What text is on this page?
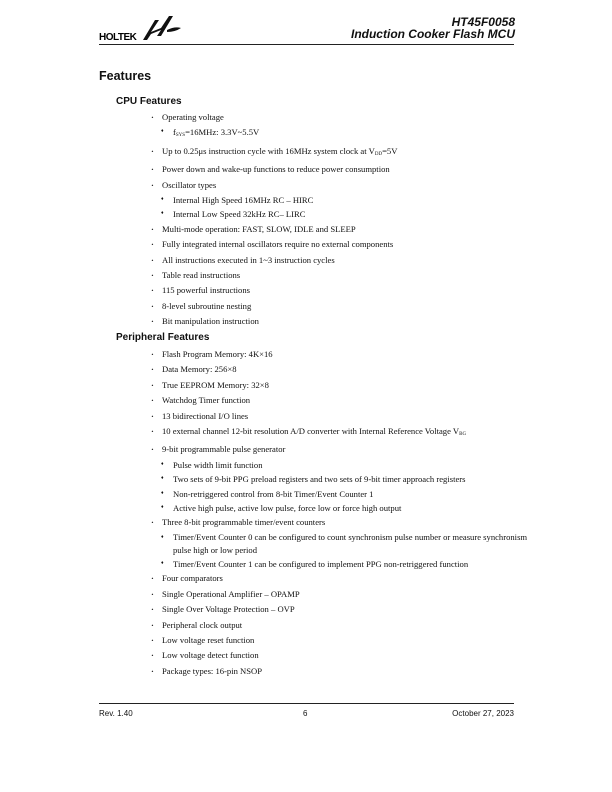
HOLTEK
HT45F0058
Induction Cooker Flash MCU
Features
CPU Features
· Operating voltage
♦ $f_{SYS}=16MHz$: 3.3V~5.5V
· Up to 0.25μs instruction cycle with 16MHz system clock at $V_{DD}=5V$
· Power down and wake-up functions to reduce power consumption
· Oscillator types
♦ Internal High Speed 16MHz RC – HIRC
♦ Internal Low Speed 32kHz RC– LIRC
· Multi-mode operation: FAST, SLOW, IDLE and SLEEP
· Fully integrated internal oscillators require no external components
· All instructions executed in 1~3 instruction cycles
· Table read instructions
· 115 powerful instructions
· 8-level subroutine nesting
· Bit manipulation instruction
Peripheral Features
· Flash Program Memory: 4K×16
· Data Memory: 256×8
· True EEPROM Memory: 32×8
· Watchdog Timer function
· 13 bidirectional I/O lines
· 10 external channel 12-bit resolution A/D converter with Internal Reference Voltage $V_{BG}$
· 9-bit programmable pulse generator
♦ Pulse width limit function
♦ Two sets of 9-bit PPG preload registers and two sets of 9-bit timer approach registers
♦ Non-retriggered control from 8-bit Timer/Event Counter 1
♦ Active high pulse, active low pulse, force low or force high output
· Three 8-bit programmable timer/event counters
♦ Timer/Event Counter 0 can be configured to count synchronism pulse number or measure synchronism pulse high or low period
♦ Timer/Event Counter 1 can be configured to implement PPG non-retriggered function
· Four comparators
· Single Operational Amplifier – OPAMP
· Single Over Voltage Protection – OVP
· Peripheral clock output
· Low voltage reset function
· Low voltage detect function
· Package types: 16-pin NSOP
Rev. 1.40	6	October 27, 2023
